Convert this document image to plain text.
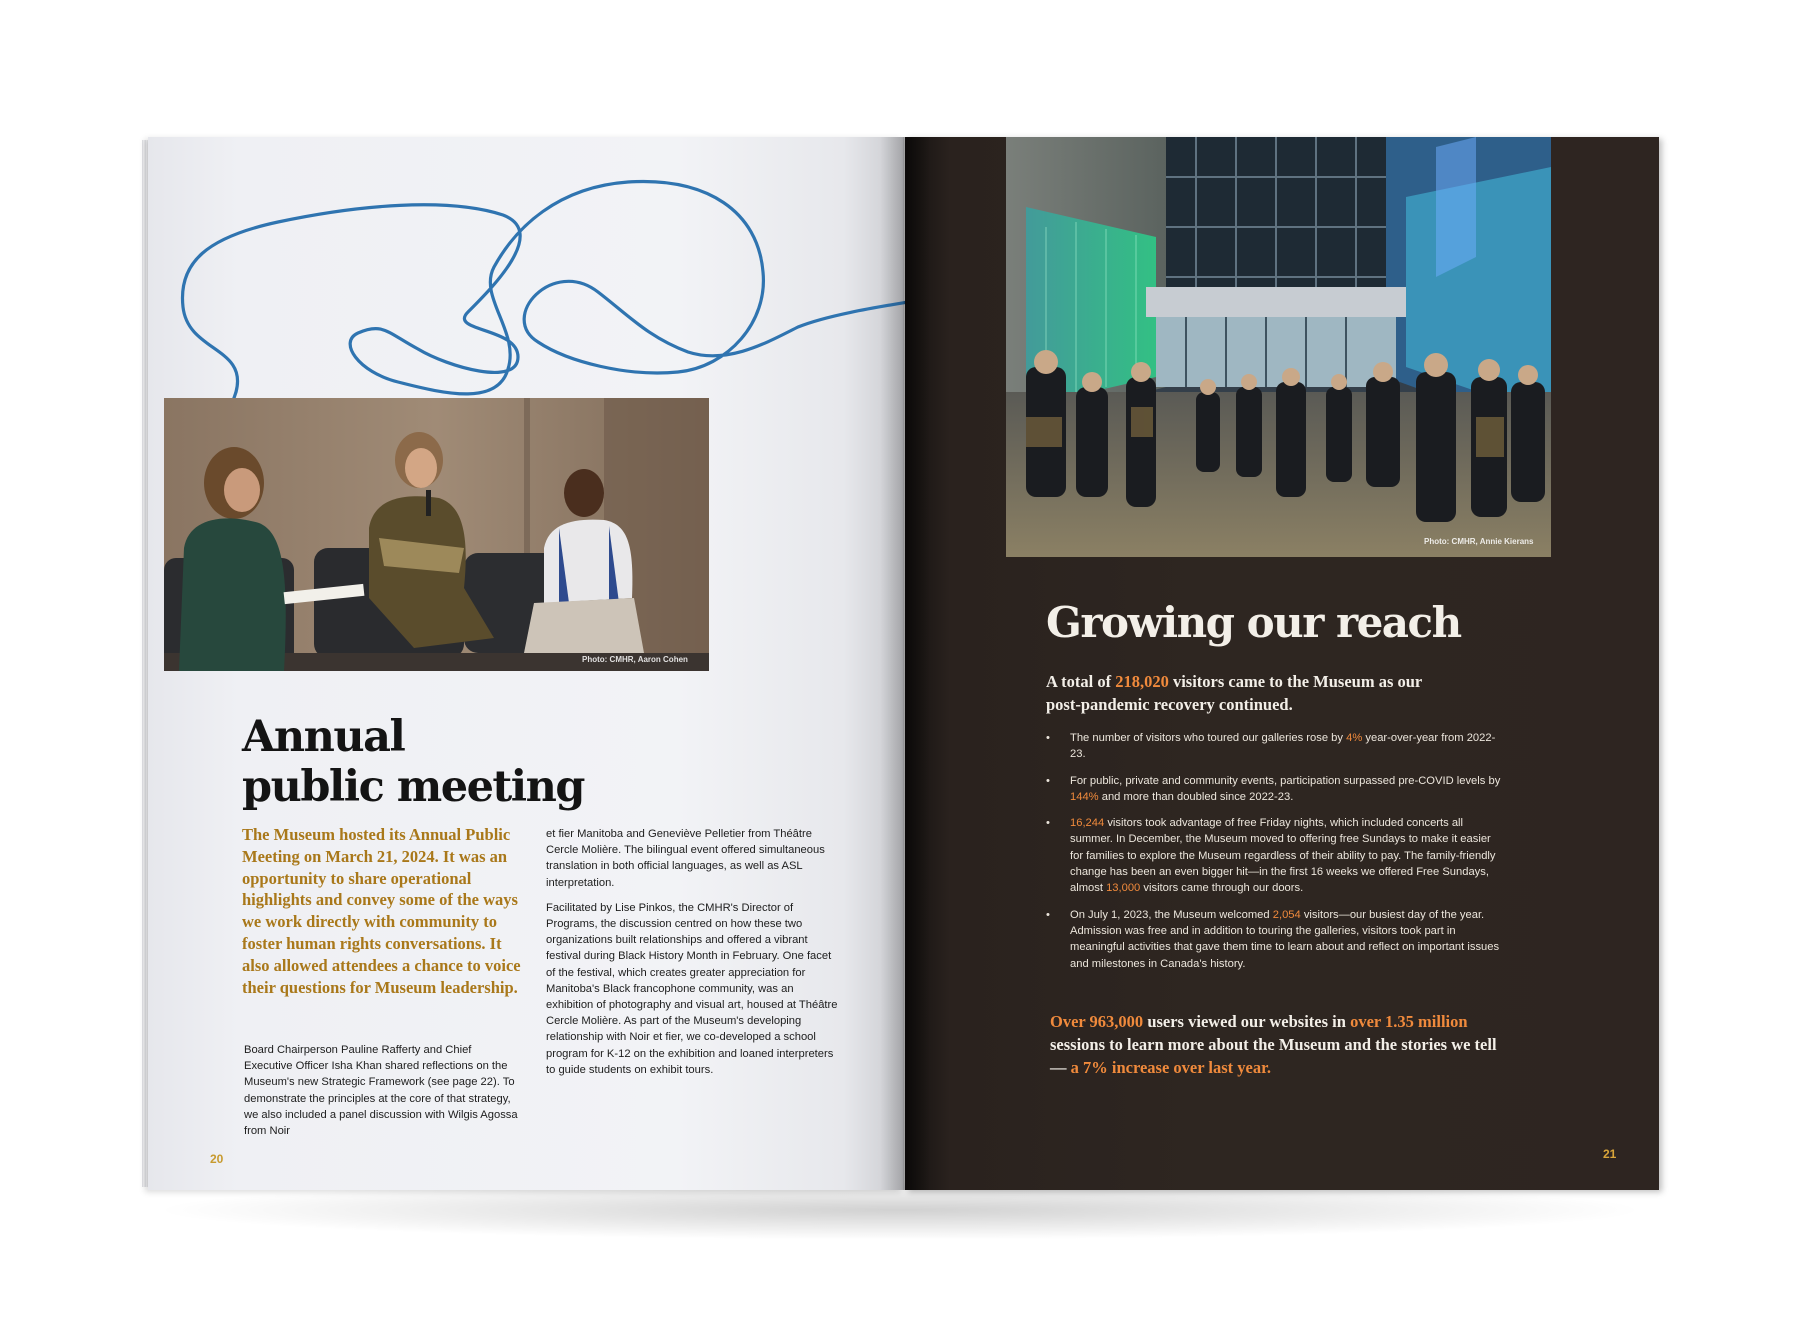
Photo: CMHR, Aaron Cohen
Annual
public meeting

The Museum hosted its Annual Public Meeting on March 21, 2024. It was an opportunity to share operational highlights and convey some of the ways we work directly with community to foster human rights conversations. It also allowed attendees a chance to voice their questions for Museum leadership.

Board Chairperson Pauline Rafferty and Chief Executive Officer Isha Khan shared reflections on the Museum's new Strategic Framework (see page 22). To demonstrate the principles at the core of that strategy, we also included a panel discussion with Wilgis Agossa from Noir

et fier Manitoba and Geneviève Pelletier from Théâtre Cercle Molière. The bilingual event offered simultaneous translation in both official languages, as well as ASL interpretation.

Facilitated by Lise Pinkos, the CMHR's Director of Programs, the discussion centred on how these two organizations built relationships and offered a vibrant festival during Black History Month in February. One facet of the festival, which creates greater appreciation for Manitoba's Black francophone community, was an exhibition of photography and visual art, housed at Théâtre Cercle Molière. As part of the Museum's developing relationship with Noir et fier, we co-developed a school program for K-12 on the exhibition and loaned interpreters to guide students on exhibit tours.

20
Photo: CMHR, Annie Kierans
Growing our reach

A total of 218,020 visitors came to the Museum as our post-pandemic recovery continued.

• The number of visitors who toured our galleries rose by 4% year-over-year from 2022-23.
• For public, private and community events, participation surpassed pre-COVID levels by 144% and more than doubled since 2022-23.
• 16,244 visitors took advantage of free Friday nights, which included concerts all summer. In December, the Museum moved to offering free Sundays to make it easier for families to explore the Museum regardless of their ability to pay. The family-friendly change has been an even bigger hit—in the first 16 weeks we offered Free Sundays, almost 13,000 visitors came through our doors.
• On July 1, 2023, the Museum welcomed 2,054 visitors—our busiest day of the year. Admission was free and in addition to touring the galleries, visitors took part in meaningful activities that gave them time to learn about and reflect on important issues and milestones in Canada's history.

Over 963,000 users viewed our websites in over 1.35 million sessions to learn more about the Museum and the stories we tell — a 7% increase over last year.

21
